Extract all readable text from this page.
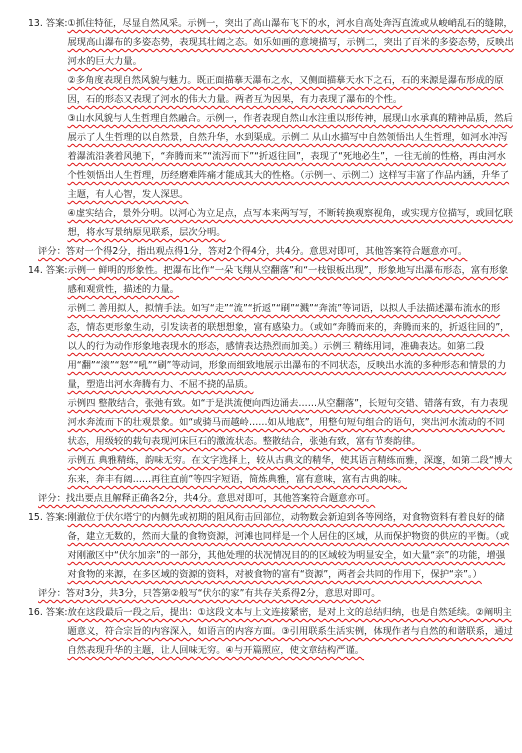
13. 答案: ①抓住特征，尽显自然风采。示例一，突出了高山瀑布飞下的水，河水自高处奔泻直流或从峻峭乱石的缝隙，展现高山瀑布的多姿态势，表现其壮阔之态。如乐如画的意境描写，示例二，突出了百米的多姿态势，反映出河水的巨大力量。

②多角度表现自然风貌与魅力。既正面描摹天瀑布之水，又侧面描摹天水下之石，石的来源是瀑布形成的原因，石的形态又表现了河水的伟大力量。两者互为因果，有力表现了瀑布的个性。

③山水风貌与人生哲理自然融合。示例一，作者表现自然山水注重以形传神，展现山水承真的精神品质，然后展示了人生哲理的以自然景，自然升华，水到渠成。示例二 从山水描写中自然领悟出人生哲理，如河水冲泻着瀑流沿袭着风驰下，“奔腾而来”“流泻而下”“折返往回”，表现了“死地必生”，一往无前的性格，再由河水个性领悟出人生哲理，历经磨难阵痛才能成其大的性格。（示例一、示例二）这样写丰富了作品内涵，升华了主题，有人心智，发人深思。

④虚实结合，景外分明。以河心为立足点，点写本来两写写，不断转换观察视角，或实现方位描写，或回忆联想，将水写景纳原见联系，层次分明。

评分：答对一个得2分，指出观点得1分，答对2个得4分，共4分。意思对即可，其他答案符合题意亦可。

14. 答案: 示例一 鲜明的形象性。把瀑布比作“一朵飞翔从空翻落”和“一枝银板出现”，形象地写出瀑布形态，富有形象感和观赏性，描述的力量。

示例二 善用拟人，拟情手法。如写“走”“流”“折返”“刷”“溅”“奔流”等词语，以拟人手法描述瀑布流水的形态，情态更形象生动，引发读者的联想想象，富有感染力。（或如“奔腾而来的，奔腾而来的，折返往回的”，以人的行为动作形象地表现水的形态，感情表达热烈而加美。）示例三 精练用词，准确表达。如第二段用“翻”“滚”“怒”“吼”“刷”等动词，形象而细致地展示出瀑布的不同状态，反映出水流的多种形态和情景的力量，塑造出河水奔腾有力、不屈不挠的品质。

示例四 整散结合，张弛有致。如“于是洪流便向西边涌去……从空翻落”，长短句交错、错落有致，有力表现河水奔流而下的壮观景象。如“或骑马而越岭……如从地底”，用整句短句组合的语句，突出河水流动的不同状态，用级较的载句表现河床巨石的激流状态。整散结合，张弛有致，富有节奏韵律。

示例五 典雅精练，韵味无穷。在文字选择上，较从古典文的精华，使其语言精练而雅，深邃，如第二段“博大东来，奔丰有阔……再往直前”等四字短语，简炼典雅，富有意味，富有古典韵味。

评分：找出要点且解释正确各2分，共4分。意思对即可，其他答案符合题意亦可。

15. 答案: 刚澈位于伏尔塔宁的内侧先或初期的阻风衔击回部位，动物数会新迫到各等网络，对食物资料有着良好的储备，建立无数的，然而大量的食物资源，河滩也同样是一个人居住的区域，从而保护物资的供应的平衡。（或对刚澈区中“伏尔加亲”的一部分，其他处理的状况情况目的的区域较为明显安全，如大量“亲”的功能，增强对食物的来源，在多区域的资源的资料，对被食物的富有“资源”，两者会共同的作用下，保护“亲”。）

评分：答对3分，共3分，只答第②般写“伏尔的家”有共存关系得2分，意思对即可。

16. 答案: 放在这段最后一段之后，提出：①这段文本与上文连接紧密，是对上文的总结归纳，也是自然延续。②阐明主题意义，符合宗旨的内容深入，如语言的内容方面。③引用联系生活实例，体现作者与自然的和谐联系，通过自然表现升华的主题，让人回味无穷。④与开篇照应，使文章结构严谨。
